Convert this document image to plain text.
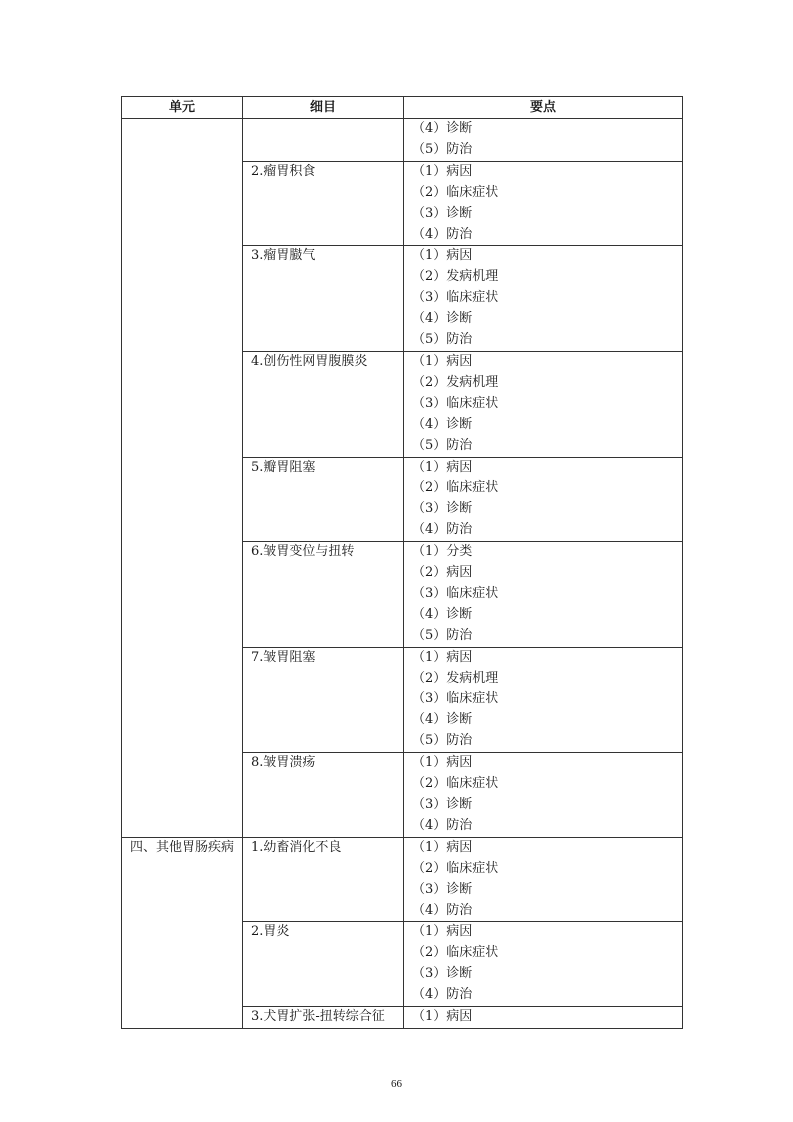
单元	细目	要点

		（4）诊断
（5）防治

	2.瘤胃积食	（1）病因
（2）临床症状
（3）诊断
（4）防治

	3.瘤胃臌气	（1）病因
（2）发病机理
（3）临床症状
（4）诊断
（5）防治

	4.创伤性网胃腹膜炎	（1）病因
（2）发病机理
（3）临床症状
（4）诊断
（5）防治

	5.瓣胃阻塞	（1）病因
（2）临床症状
（3）诊断
（4）防治

	6.皱胃变位与扭转	（1）分类
（2）病因
（3）临床症状
（4）诊断
（5）防治

	7.皱胃阻塞	（1）病因
（2）发病机理
（3）临床症状
（4）诊断
（5）防治

	8.皱胃溃疡	（1）病因
（2）临床症状
（3）诊断
（4）防治

四、其他胃肠疾病	1.幼畜消化不良	（1）病因
（2）临床症状
（3）诊断
（4）防治

	2.胃炎	（1）病因
（2）临床症状
（3）诊断
（4）防治

	3.犬胃扩张-扭转综合征	（1）病因
66
